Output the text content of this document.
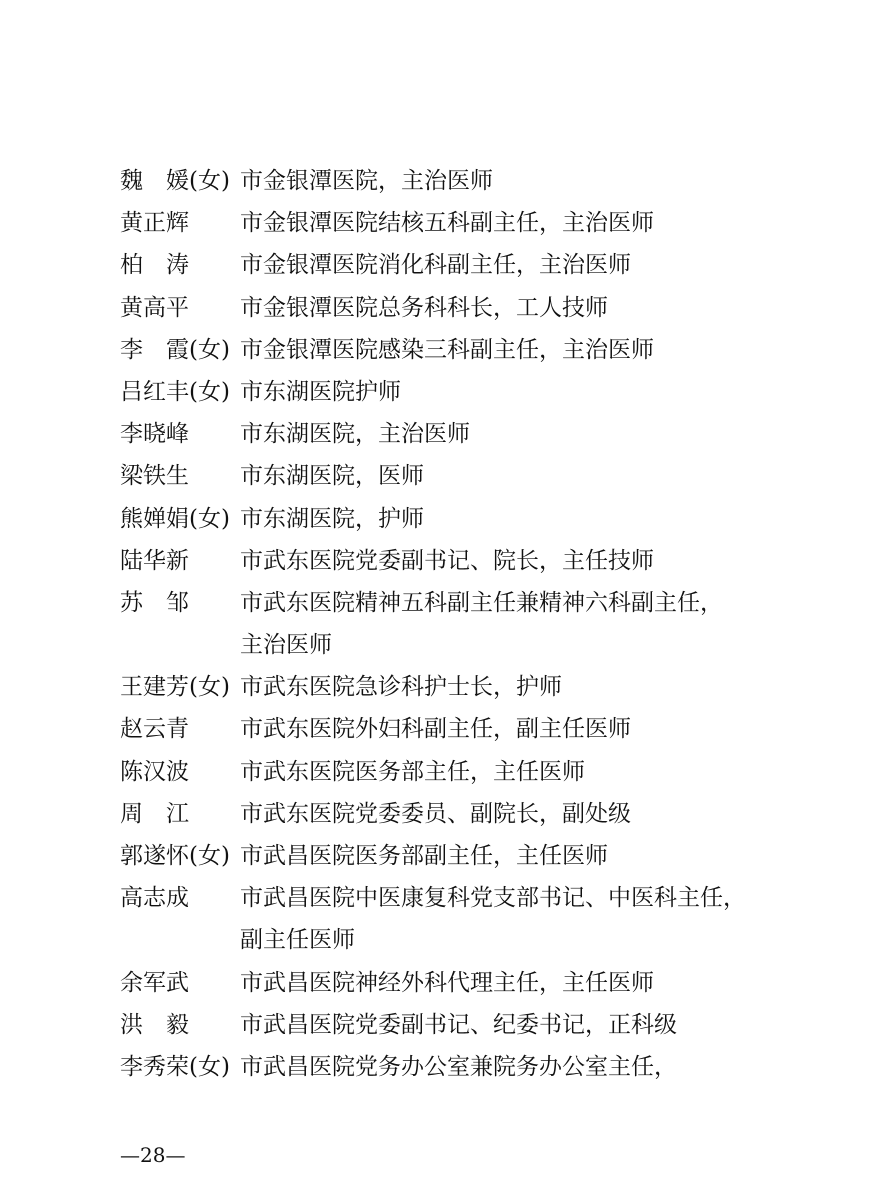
魏　媛(女) 市金银潭医院，主治医师
黄正辉	市金银潭医院结核五科副主任，主治医师
柏　涛	市金银潭医院消化科副主任，主治医师
黄高平	市金银潭医院总务科科长，工人技师
李　霞(女) 市金银潭医院感染三科副主任，主治医师
吕红丰(女) 市东湖医院护师
李晓峰	市东湖医院，主治医师
梁铁生	市东湖医院，医师
熊婵娟(女) 市东湖医院，护师
陆华新	市武东医院党委副书记、院长，主任技师
苏　邹	市武东医院精神五科副主任兼精神六科副主任，主治医师
王建芳(女) 市武东医院急诊科护士长，护师
赵云青	市武东医院外妇科副主任，副主任医师
陈汉波	市武东医院医务部主任，主任医师
周　江	市武东医院党委委员、副院长，副处级
郭遂怀(女) 市武昌医院医务部副主任，主任医师
高志成	市武昌医院中医康复科党支部书记、中医科主任，副主任医师
余军武	市武昌医院神经外科代理主任，主任医师
洪　毅	市武昌医院党委副书记、纪委书记，正科级
李秀荣(女) 市武昌医院党务办公室兼院务办公室主任，
—28—
